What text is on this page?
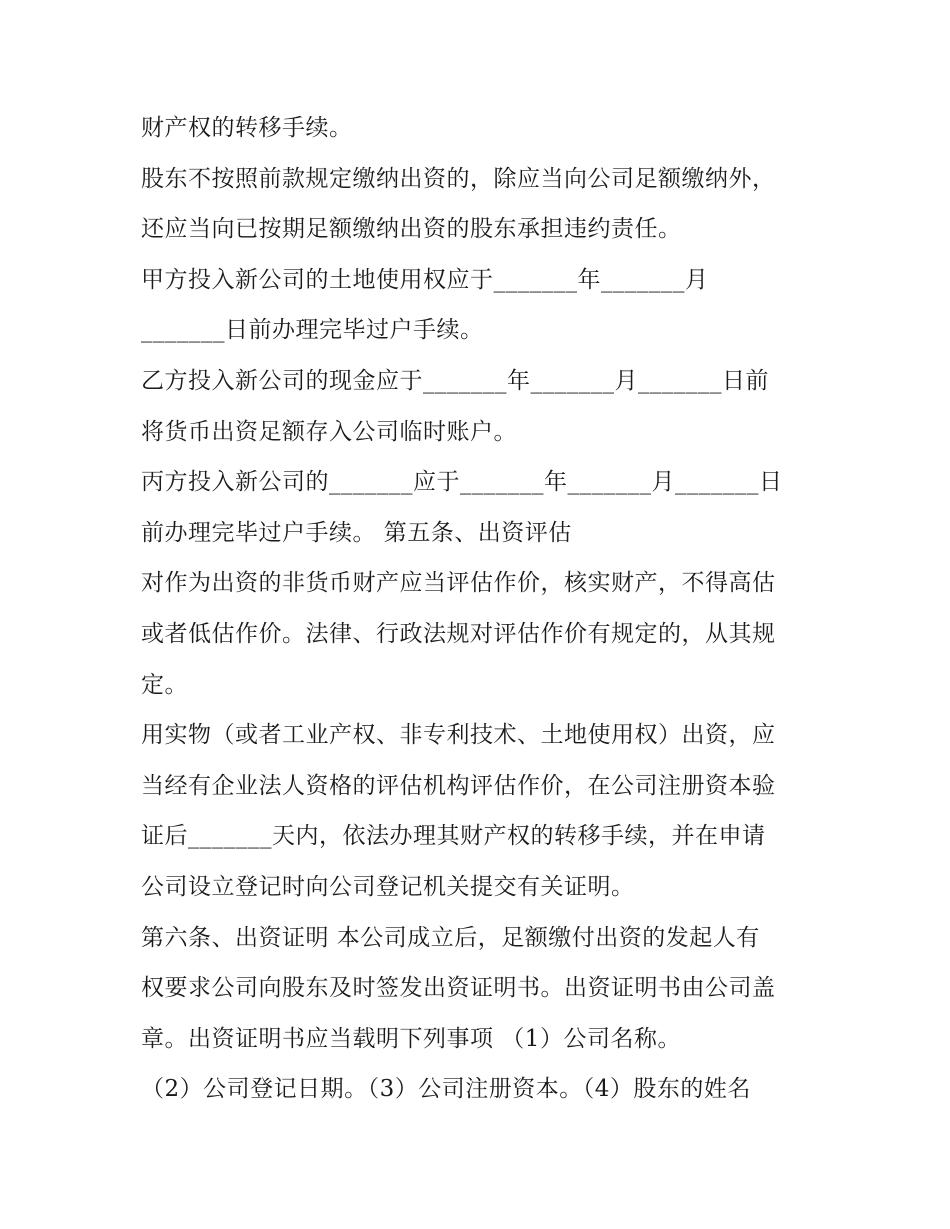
财产权的转移手续。
股东不按照前款规定缴纳出资的，除应当向公司足额缴纳外，
还应当向已按期足额缴纳出资的股东承担违约责任。
甲方投入新公司的土地使用权应于_______年_______月
_______日前办理完毕过户手续。
乙方投入新公司的现金应于_______年_______月_______日前
将货币出资足额存入公司临时账户。
丙方投入新公司的_______应于_______年_______月_______日
前办理完毕过户手续。 第五条、出资评估
对作为出资的非货币财产应当评估作价，核实财产，不得高估
或者低估作价。法律、行政法规对评估作价有规定的，从其规
定。
用实物（或者工业产权、非专利技术、土地使用权）出资，应
当经有企业法人资格的评估机构评估作价，在公司注册资本验
证后_______天内，依法办理其财产权的转移手续，并在申请
公司设立登记时向公司登记机关提交有关证明。
第六条、出资证明 本公司成立后，足额缴付出资的发起人有
权要求公司向股东及时签发出资证明书。出资证明书由公司盖
章。出资证明书应当载明下列事项 （1）公司名称。
（2）公司登记日期。（3）公司注册资本。（4）股东的姓名
